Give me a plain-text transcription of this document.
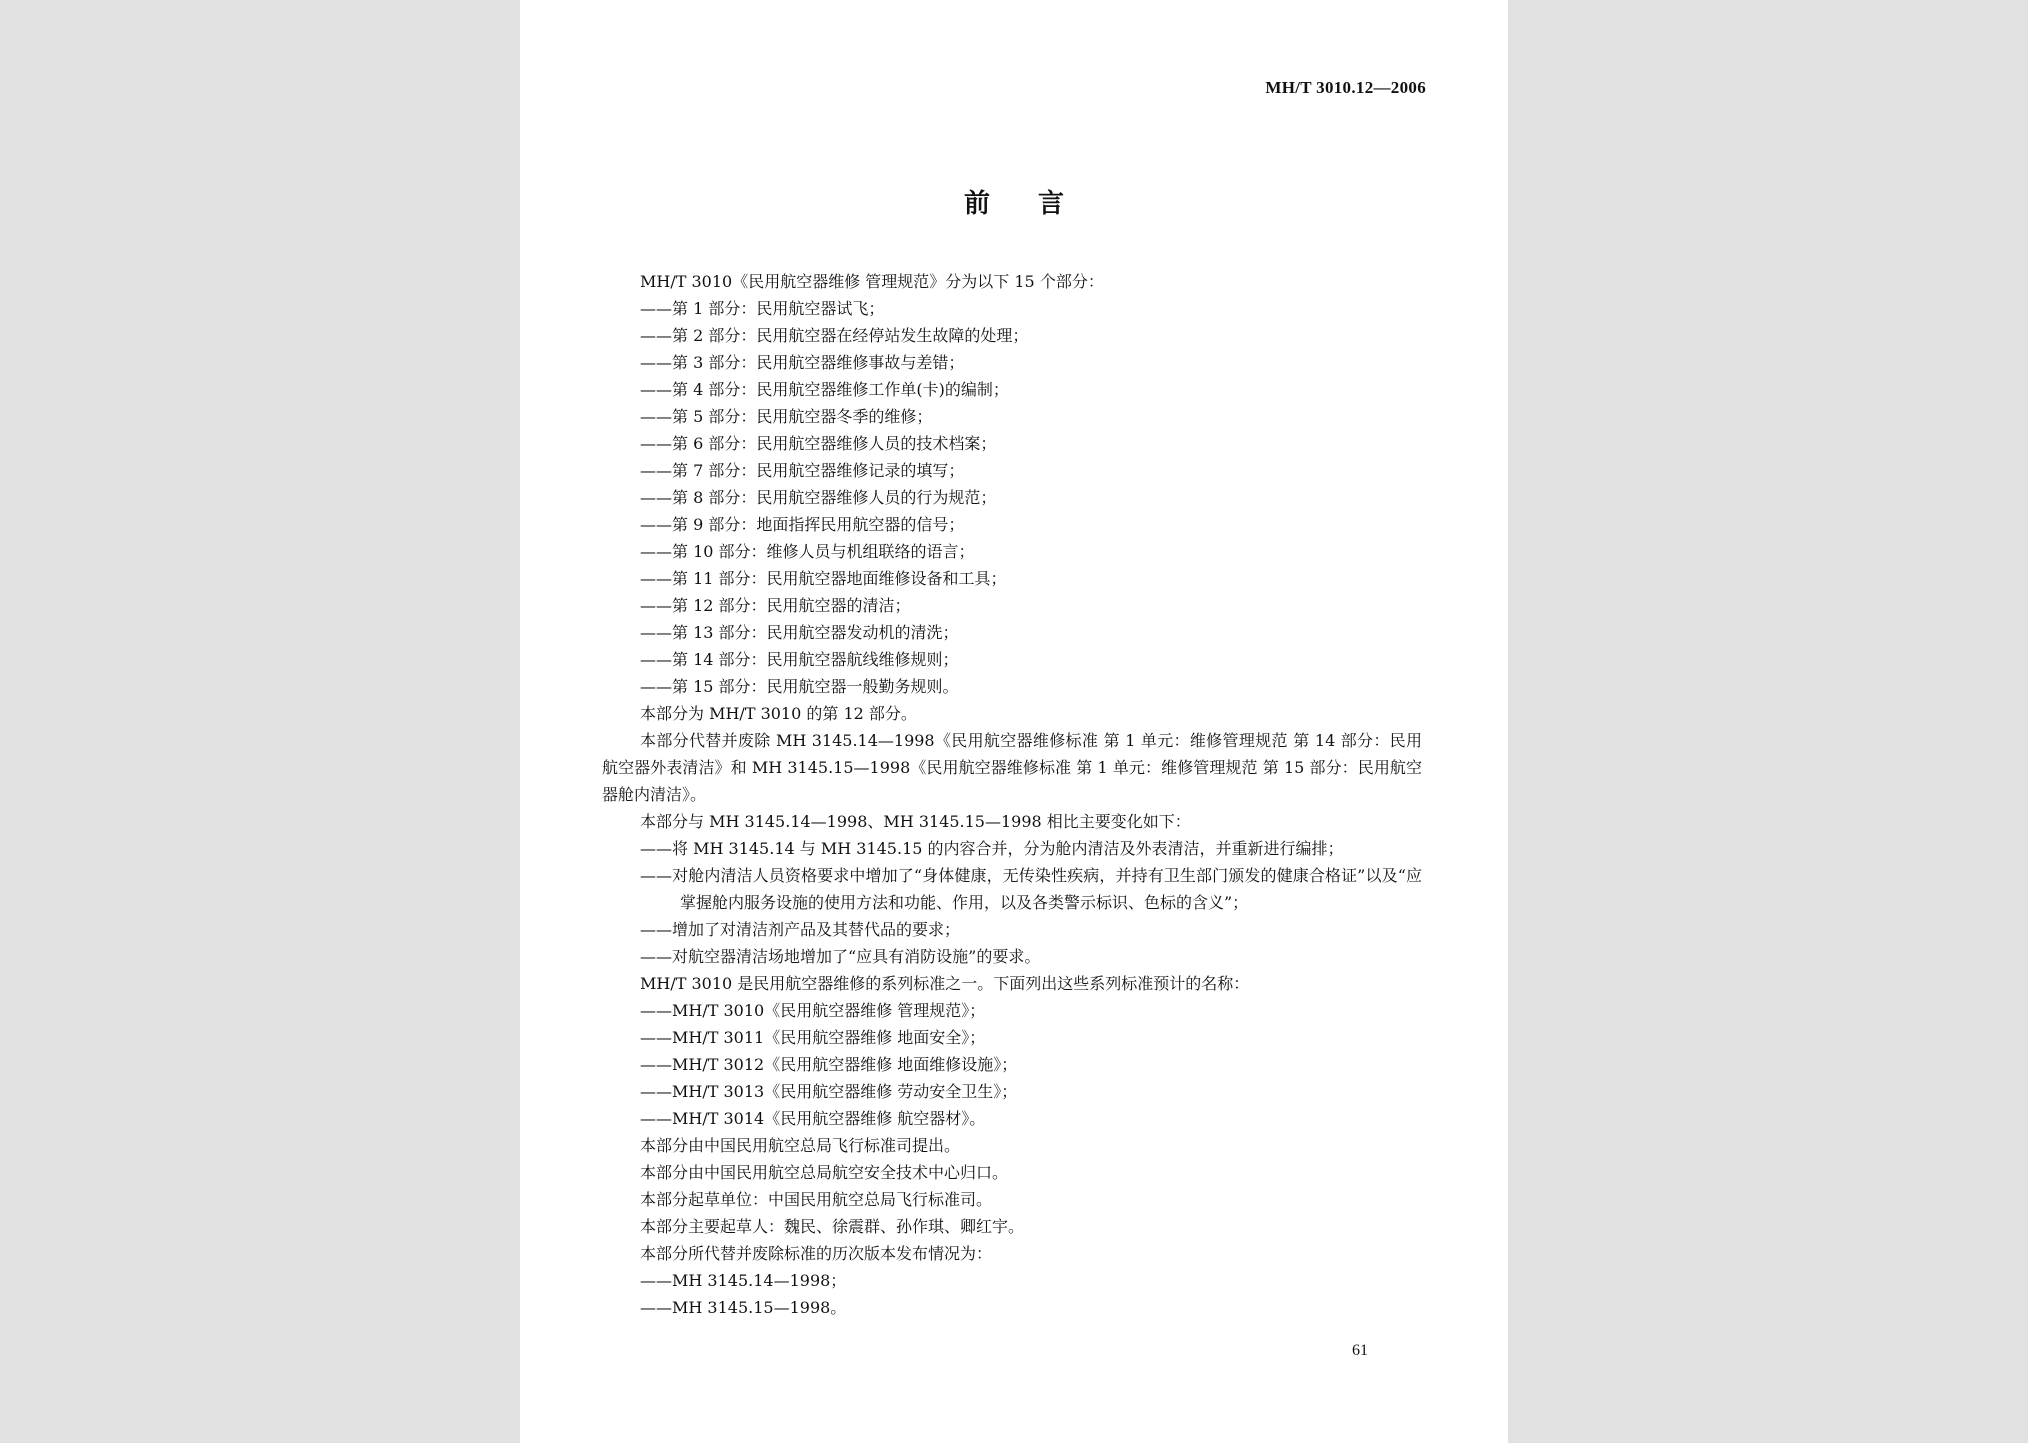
MH/T 3010.12—2006
前言
MH/T 3010《民用航空器维修 管理规范》分为以下 15 个部分：
——第 1 部分：民用航空器试飞；
——第 2 部分：民用航空器在经停站发生故障的处理；
——第 3 部分：民用航空器维修事故与差错；
——第 4 部分：民用航空器维修工作单(卡)的编制；
——第 5 部分：民用航空器冬季的维修；
——第 6 部分：民用航空器维修人员的技术档案；
——第 7 部分：民用航空器维修记录的填写；
——第 8 部分：民用航空器维修人员的行为规范；
——第 9 部分：地面指挥民用航空器的信号；
——第 10 部分：维修人员与机组联络的语言；
——第 11 部分：民用航空器地面维修设备和工具；
——第 12 部分：民用航空器的清洁；
——第 13 部分：民用航空器发动机的清洗；
——第 14 部分：民用航空器航线维修规则；
——第 15 部分：民用航空器一般勤务规则。
本部分为 MH/T 3010 的第 12 部分。
本部分代替并废除 MH 3145.14—1998《民用航空器维修标准 第 1 单元：维修管理规范 第 14 部分：民用航空器外表清洁》和 MH 3145.15—1998《民用航空器维修标准 第 1 单元：维修管理规范 第 15 部分：民用航空器舱内清洁》。
本部分与 MH 3145.14—1998、MH 3145.15—1998 相比主要变化如下：
——将 MH 3145.14 与 MH 3145.15 的内容合并，分为舱内清洁及外表清洁，并重新进行编排；
——对舱内清洁人员资格要求中增加了“身体健康，无传染性疾病，并持有卫生部门颁发的健康合格证”以及“应掌握舱内服务设施的使用方法和功能、作用，以及各类警示标识、色标的含义”；
——增加了对清洁剂产品及其替代品的要求；
——对航空器清洁场地增加了“应具有消防设施”的要求。
MH/T 3010 是民用航空器维修的系列标准之一。下面列出这些系列标准预计的名称：
——MH/T 3010《民用航空器维修 管理规范》；
——MH/T 3011《民用航空器维修 地面安全》；
——MH/T 3012《民用航空器维修 地面维修设施》；
——MH/T 3013《民用航空器维修 劳动安全卫生》；
——MH/T 3014《民用航空器维修 航空器材》。
本部分由中国民用航空总局飞行标准司提出。
本部分由中国民用航空总局航空安全技术中心归口。
本部分起草单位：中国民用航空总局飞行标准司。
本部分主要起草人：魏民、徐震群、孙作琪、卿红宇。
本部分所代替并废除标准的历次版本发布情况为：
——MH 3145.14—1998；
——MH 3145.15—1998。
61
